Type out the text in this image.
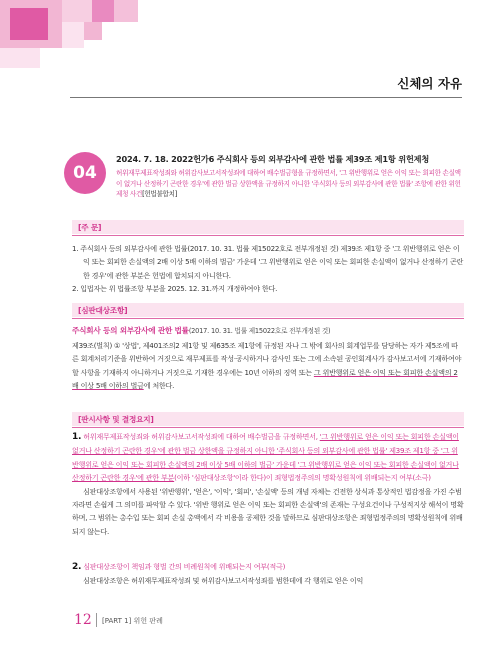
신체의 자유
04
2024. 7. 18. 2022헌가6 주식회사 등의 외부감사에 관한 법률 제39조 제1항 위헌제청
허위재무제표작성죄와 허위감사보고서작성죄에 대하여 배수벌금형을 규정하면서, '그 위반행위로 얻은 이익 또는 회피한 손실액이 없거나 산정하기 곤란한 경우'에 관한 벌금 상한액을 규정하지 아니한 '주식회사 등의 외부감사에 관한 법률' 조항에 관한 위헌제청 사건[헌법불합치]
[주 문]

1. 주식회사 등의 외부감사에 관한 법률(2017. 10. 31. 법률 제15022호로 전부개정된 것) 제39조 제1항 중 '그 위반행위로 얻은 이익 또는 회피한 손실액의 2배 이상 5배 이하의 벌금' 가운데 '그 위반행위로 얻은 이익 또는 회피한 손실액이 없거나 산정하기 곤란한 경우'에 관한 부분은 헌법에 합치되지 아니한다.

2. 입법자는 위 법률조항 부분을 2025. 12. 31.까지 개정하여야 한다.

[심판대상조항]
주식회사 등의 외부감사에 관한 법률(2017. 10. 31. 법률 제15022호로 전부개정된 것)

제39조(벌칙) ① '상법', 제401조의2 제1항 및 제635조 제1항에 규정된 자나 그 밖에 회사의 회계업무를 담당하는 자가 제5조에 따른 회계처리기준을 위반하여 거짓으로 재무제표를 작성·공시하거나 감사인 또는 그에 소속된 공인회계사가 감사보고서에 기재하여야 할 사항을 기재하지 아니하거나 거짓으로 기재한 경우에는 10년 이하의 징역 또는 그 위반행위로 얻은 이익 또는 회피한 손실액의 2배 이상 5배 이하의 벌금에 처한다.

[판시사항 및 결정요지]

1. 허위재무제표작성죄와 허위감사보고서작성죄에 대하여 배수벌금을 규정하면서, '그 위반행위로 얻은 이익 또는 회피한 손실액이 없거나 산정하기 곤란한 경우'에 관한 벌금 상한액을 규정하지 아니한 '주식회사 등의 외부감사에 관한 법률' 제39조 제1항 중 '그 위반행위로 얻은 이익 또는 회피한 손실액의 2배 이상 5배 이하의 벌금' 가운데 '그 위반행위로 얻은 이익 또는 회피한 손실액이 없거나 산정하기 곤란한 경우'에 관한 부분(이하 '심판대상조항'이라 한다)이 죄형법정주의의 명확성원칙에 위배되는지 여부(소극)

심판대상조항에서 사용된 '위반행위', '얻은', '이익', '회피', '손실액' 등의 개념 자체는 건전한 상식과 통상적인 법감정을 가진 수범자라면 손쉽게 그 의미를 파악할 수 있다. '위반 행위로 얻은 이익 또는 회피한 손실액'의 존재는 구성요건이나 구성적지상 해석이 명확하며, 그 범위는 총수입 또는 회피 손실 총액에서 각 비용을 공제한 것을 말하므로 심판대상조항은 죄형법정주의의 명확성원칙에 위배되지 않는다.

2. 심판대상조항이 책임과 형벌 간의 비례원칙에 위배되는지 여부(적극)

심판대상조항은 허위재무제표작성죄 및 허위감사보고서작성죄를 범한데에 각 행위로 얻은 이익

12 [PART 1] 위헌 판례
